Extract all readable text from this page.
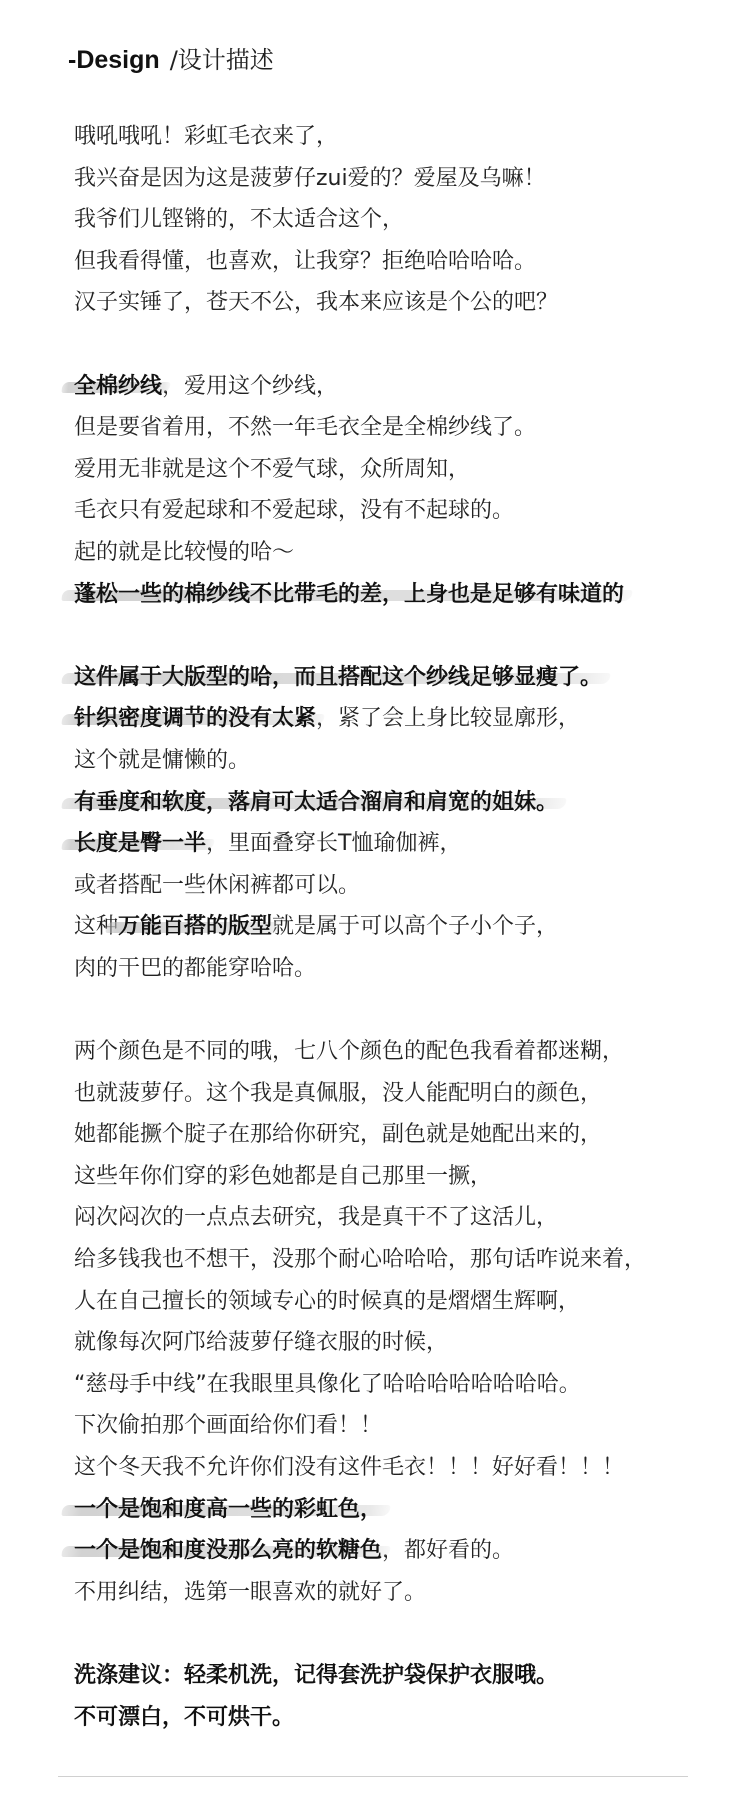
-Design /设计描述
哦吼哦吼！彩虹毛衣来了，
我兴奋是因为这是菠萝仔zui爱的？爱屋及乌嘛！
我爷们儿铿锵的，不太适合这个，
但我看得懂，也喜欢，让我穿？拒绝哈哈哈哈。
汉子实锤了，苍天不公，我本来应该是个公的吧？
全棉纱线，爱用这个纱线，
但是要省着用，不然一年毛衣全是全棉纱线了。
爱用无非就是这个不爱气球，众所周知，
毛衣只有爱起球和不爱起球，没有不起球的。
起的就是比较慢的哈～
蓬松一些的棉纱线不比带毛的差，上身也是足够有味道的
这件属于大版型的哈，而且搭配这个纱线足够显瘦了。
针织密度调节的没有太紧，紧了会上身比较显廓形，
这个就是慵懒的。
有垂度和软度，落肩可太适合溜肩和肩宽的姐妹。
长度是臀一半，里面叠穿长T恤瑜伽裤，
或者搭配一些休闲裤都可以。
这种万能百搭的版型就是属于可以高个子小个子，
肉的干巴的都能穿哈哈。
两个颜色是不同的哦，七八个颜色的配色我看着都迷糊，
也就菠萝仔。这个我是真佩服，没人能配明白的颜色，
她都能撅个腚子在那给你研究，副色就是她配出来的，
这些年你们穿的彩色她都是自己那里一撅，
闷次闷次的一点点去研究，我是真干不了这活儿，
给多钱我也不想干，没那个耐心哈哈哈，那句话咋说来着，
人在自己擅长的领域专心的时候真的是熠熠生辉啊，
就像每次阿邝给菠萝仔缝衣服的时候，
“慈母手中线”在我眼里具像化了哈哈哈哈哈哈哈哈。
下次偷拍那个画面给你们看！！
这个冬天我不允许你们没有这件毛衣！！！好好看！！！
一个是饱和度高一些的彩虹色，
一个是饱和度没那么亮的软糖色，都好看的。
不用纠结，选第一眼喜欢的就好了。
洗涤建议：轻柔机洗，记得套洗护袋保护衣服哦。
不可漂白，不可烘干。
